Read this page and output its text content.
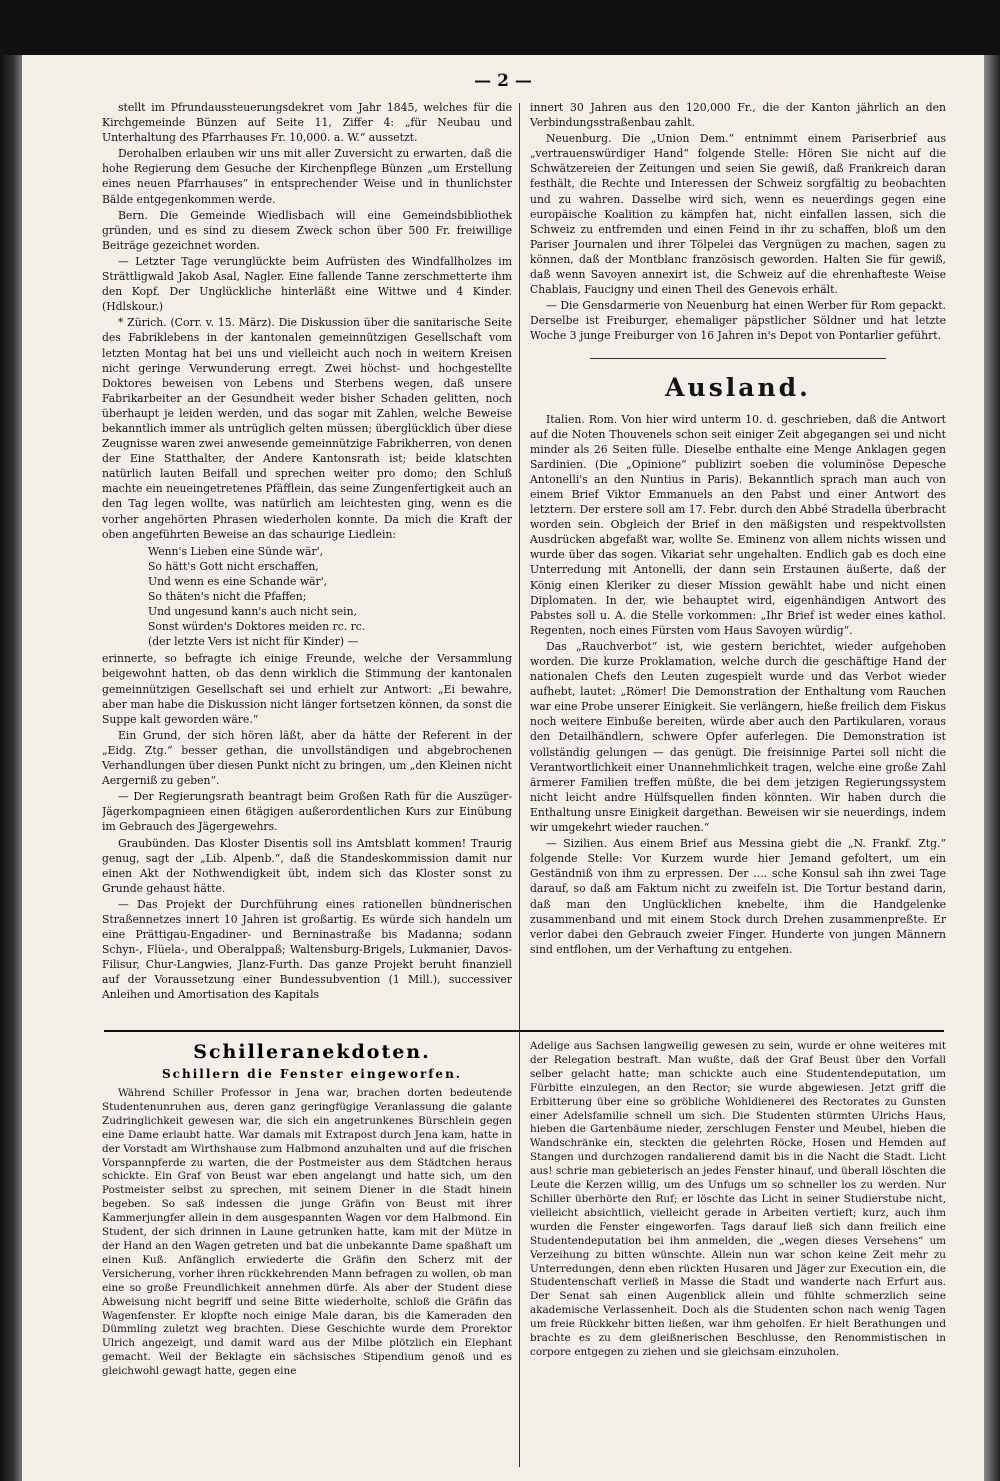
— 2 —

stellt im Pfrundaussteuerungsdekret vom Jahr 1845, welches für die Kirchgemeinde Bünzen auf Seite 11, Ziffer 4: „für Neubau und Unterhaltung des Pfarrhauses Fr. 10,000. a. W.“ aussetzt.

Derohalben erlauben wir uns mit aller Zuversicht zu erwarten, daß die hohe Regierung dem Gesuche der Kirchenpflege Bünzen „um Erstellung eines neuen Pfarrhauses“ in entsprechender Weise und in thunlichster Bälde entgegenkommen werde.

Bern. Die Gemeinde Wiedlisbach will eine Gemeindsbibliothek gründen, und es sind zu diesem Zweck schon über 500 Fr. freiwillige Beiträge gezeichnet worden.

— Letzter Tage verunglückte beim Aufrüsten des Windfallholzes im Strättligwald Jakob Asal, Nagler. Eine fallende Tanne zerschmetterte ihm den Kopf. Der Unglückliche hinterläßt eine Wittwe und 4 Kinder. (Hdlskour.)

* Zürich. (Corr. v. 15. März). Die Diskussion über die sanitarische Seite des Fabriklebens in der kantonalen gemeinnützigen Gesellschaft vom letzten Montag hat bei uns und vielleicht auch noch in weitern Kreisen nicht geringe Verwunderung erregt. Zwei höchst- und hochgestellte Doktores beweisen von Lebens und Sterbens wegen, daß unsere Fabrikarbeiter an der Gesundheit weder bisher Schaden gelitten, noch überhaupt je leiden werden, und das sogar mit Zahlen, welche Beweise bekanntlich immer als untrüglich gelten müssen; überglücklich über diese Zeugnisse waren zwei anwesende gemeinnützige Fabrikherren, von denen der Eine Statthalter, der Andere Kantonsrath ist; beide klatschten natürlich lauten Beifall und sprechen weiter pro domo; den Schluß machte ein neueingetretenes Pfäfflein, das seine Zungenfertigkeit auch an den Tag legen wollte, was natürlich am leichtesten ging, wenn es die vorher angehörten Phrasen wiederholen konnte. Da mich die Kraft der oben angeführten Beweise an das schaurige Liedlein:

Wenn's Lieben eine Sünde wär',
So hätt's Gott nicht erschaffen,
Und wenn es eine Schande wär',
So thäten's nicht die Pfaffen;
Und ungesund kann's auch nicht sein,
Sonst würden's Doktores meiden rc. rc.
(der letzte Vers ist nicht für Kinder) —

erinnerte, so befragte ich einige Freunde, welche der Versammlung beigewohnt hatten, ob das denn wirklich die Stimmung der kantonalen gemeinnützigen Gesellschaft sei und erhielt zur Antwort: „Ei bewahre, aber man habe die Diskussion nicht länger fortsetzen können, da sonst die Suppe kalt geworden wäre.“

Ein Grund, der sich hören läßt, aber da hätte der Referent in der „Eidg. Ztg.“ besser gethan, die unvollständigen und abgebrochenen Verhandlungen über diesen Punkt nicht zu bringen, um „den Kleinen nicht Aergerniß zu geben“.

— Der Regierungsrath beantragt beim Großen Rath für die Auszüger-Jägerkompagnieen einen 6tägigen außerordentlichen Kurs zur Einübung im Gebrauch des Jägergewehrs.

Graubünden. Das Kloster Disentis soll ins Amtsblatt kommen! Traurig genug, sagt der „Lib. Alpenb.“, daß die Standeskommission damit nur einen Akt der Nothwendigkeit übt, indem sich das Kloster sonst zu Grunde gehaust hätte.

— Das Projekt der Durchführung eines rationellen bündnerischen Straßennetzes innert 10 Jahren ist großartig. Es würde sich handeln um eine Prättigau-Engadiner- und Berninastraße bis Madanna; sodann Schyn-, Flüela-, und Oberalppaß; Waltensburg-Brigels, Lukmanier, Davos-Filisur, Chur-Langwies, Jlanz-Furth. Das ganze Projekt beruht finanziell auf der Voraussetzung einer Bundessubvention (1 Mill.), successiver Anleihen und Amortisation des Kapitals

innert 30 Jahren aus den 120,000 Fr., die der Kanton jährlich an den Verbindungsstraßenbau zahlt.

Neuenburg. Die „Union Dem.“ entnimmt einem Pariserbrief aus „vertrauenswürdiger Hand“ folgende Stelle: Hören Sie nicht auf die Schwätzereien der Zeitungen und seien Sie gewiß, daß Frankreich daran festhält, die Rechte und Interessen der Schweiz sorgfältig zu beobachten und zu wahren. Dasselbe wird sich, wenn es neuerdings gegen eine europäische Koalition zu kämpfen hat, nicht einfallen lassen, sich die Schweiz zu entfremden und einen Feind in ihr zu schaffen, bloß um den Pariser Journalen und ihrer Tölpelei das Vergnügen zu machen, sagen zu können, daß der Montblanc französisch geworden. Halten Sie für gewiß, daß wenn Savoyen annexirt ist, die Schweiz auf die ehrenhafteste Weise Chablais, Faucigny und einen Theil des Genevois erhält.

— Die Gensdarmerie von Neuenburg hat einen Werber für Rom gepackt. Derselbe ist Freiburger, ehemaliger päpstlicher Söldner und hat letzte Woche 3 junge Freiburger von 16 Jahren in's Depot von Pontarlier geführt.

Ausland.

Italien. Rom. Von hier wird unterm 10. d. geschrieben, daß die Antwort auf die Noten Thouvenels schon seit einiger Zeit abgegangen sei und nicht minder als 26 Seiten fülle. Dieselbe enthalte eine Menge Anklagen gegen Sardinien. (Die „Opinione“ publizirt soeben die voluminöse Depesche Antonelli's an den Nuntius in Paris). Bekanntlich sprach man auch von einem Brief Viktor Emmanuels an den Pabst und einer Antwort des letztern. Der erstere soll am 17. Febr. durch den Abbé Stradella überbracht worden sein. Obgleich der Brief in den mäßigsten und respektvollsten Ausdrücken abgefaßt war, wollte Se. Eminenz von allem nichts wissen und wurde über das sogen. Vikariat sehr ungehalten. Endlich gab es doch eine Unterredung mit Antonelli, der dann sein Erstaunen äußerte, daß der König einen Kleriker zu dieser Mission gewählt habe und nicht einen Diplomaten. In der, wie behauptet wird, eigenhändigen Antwort des Pabstes soll u. A. die Stelle vorkommen: „Ihr Brief ist weder eines kathol. Regenten, noch eines Fürsten vom Haus Savoyen würdig“.

Das „Rauchverbot“ ist, wie gestern berichtet, wieder aufgehoben worden. Die kurze Proklamation, welche durch die geschäftige Hand der nationalen Chefs den Leuten zugespielt wurde und das Verbot wieder aufhebt, lautet: „Römer! Die Demonstration der Enthaltung vom Rauchen war eine Probe unserer Einigkeit. Sie verlängern, hieße freilich dem Fiskus noch weitere Einbuße bereiten, würde aber auch den Partikularen, voraus den Detailhändlern, schwere Opfer auferlegen. Die Demonstration ist vollständig gelungen — das genügt. Die freisinnige Partei soll nicht die Verantwortlichkeit einer Unannehmlichkeit tragen, welche eine große Zahl ärmerer Familien treffen müßte, die bei dem jetzigen Regierungssystem nicht leicht andre Hülfsquellen finden könnten. Wir haben durch die Enthaltung unsre Einigkeit dargethan. Beweisen wir sie neuerdings, indem wir umgekehrt wieder rauchen.“

— Sizilien. Aus einem Brief aus Messina giebt die „N. Frankf. Ztg.“ folgende Stelle: Vor Kurzem wurde hier Jemand gefoltert, um ein Geständniß von ihm zu erpressen. Der .... sche Konsul sah ihn zwei Tage darauf, so daß am Faktum nicht zu zweifeln ist. Die Tortur bestand darin, daß man den Unglücklichen knebelte, ihm die Handgelenke zusammenband und mit einem Stock durch Drehen zusammenpreßte. Er verlor dabei den Gebrauch zweier Finger. Hunderte von jungen Männern sind entflohen, um der Verhaftung zu entgehen.

Schilleranekdoten.
Schillern die Fenster eingeworfen.

Während Schiller Professor in Jena war, brachen dorten bedeutende Studentenunruhen aus, deren ganz geringfügige Veranlassung die galante Zudringlichkeit gewesen war, die sich ein angetrunkenes Bürschlein gegen eine Dame erlaubt hatte. War damals mit Extrapost durch Jena kam, hatte in der Vorstadt am Wirthshause zum Halbmond anzuhalten und auf die frischen Vorspannpferde zu warten, die der Postmeister aus dem Städtchen heraus schickte. Ein Graf von Beust war eben angelangt und hatte sich, um den Postmeister selbst zu sprechen, mit seinem Diener in die Stadt hinein begeben. So saß indessen die junge Gräfin von Beust mit ihrer Kammerjungfer allein in dem ausgespannten Wagen vor dem Halbmond. Ein Student, der sich drinnen in Laune getrunken hatte, kam mit der Mütze in der Hand an den Wagen getreten und bat die unbekannte Dame spaßhaft um einen Kuß. Anfänglich erwiederte die Gräfin den Scherz mit der Versicherung, vorher ihren rückkehrenden Mann befragen zu wollen, ob man eine so große Freundlichkeit annehmen dürfe. Als aber der Student diese Abweisung nicht begriff und seine Bitte wiederholte, schloß die Gräfin das Wagenfenster. Er klopfte noch einige Male daran, bis die Kameraden den Dümmling zuletzt weg brachten. Diese Geschichte wurde dem Prorektor Ulrich angezeigt, und damit ward aus der Milbe plötzlich ein Elephant gemacht. Weil der Beklagte ein sächsisches Stipendium genoß und es gleichwohl gewagt hatte, gegen eine

Adelige aus Sachsen langweilig gewesen zu sein, wurde er ohne weiteres mit der Relegation bestraft. Man wußte, daß der Graf Beust über den Vorfall selber gelacht hatte; man schickte auch eine Studentendeputation, um Fürbitte einzulegen, an den Rector; sie wurde abgewiesen. Jetzt griff die Erbitterung über eine so gröbliche Wohldienerei des Rectorates zu Gunsten einer Adelsfamilie schnell um sich. Die Studenten stürmten Ulrichs Haus, hieben die Gartenbäume nieder, zerschlugen Fenster und Meubel, hieben die Wandschränke ein, steckten die gelehrten Röcke, Hosen und Hemden auf Stangen und durchzogen randalierend damit bis in die Nacht die Stadt. Licht aus! schrie man gebieterisch an jedes Fenster hinauf, und überall löschten die Leute die Kerzen willig, um des Unfugs um so schneller los zu werden. Nur Schiller überhörte den Ruf; er löschte das Licht in seiner Studierstube nicht, vielleicht absichtlich, vielleicht gerade in Arbeiten vertieft; kurz, auch ihm wurden die Fenster eingeworfen. Tags darauf ließ sich dann freilich eine Studentendeputation bei ihm anmelden, die „wegen dieses Versehens“ um Verzeihung zu bitten wünschte. Allein nun war schon keine Zeit mehr zu Unterredungen, denn eben rückten Husaren und Jäger zur Execution ein, die Studentenschaft verließ in Masse die Stadt und wanderte nach Erfurt aus. Der Senat sah einen Augenblick allein und fühlte schmerzlich seine akademische Verlassenheit. Doch als die Studenten schon nach wenig Tagen um freie Rückkehr bitten ließen, war ihm geholfen. Er hielt Berathungen und brachte es zu dem gleißnerischen Beschlusse, den Renommistischen in corpore entgegen zu ziehen und sie gleichsam einzuholen.
